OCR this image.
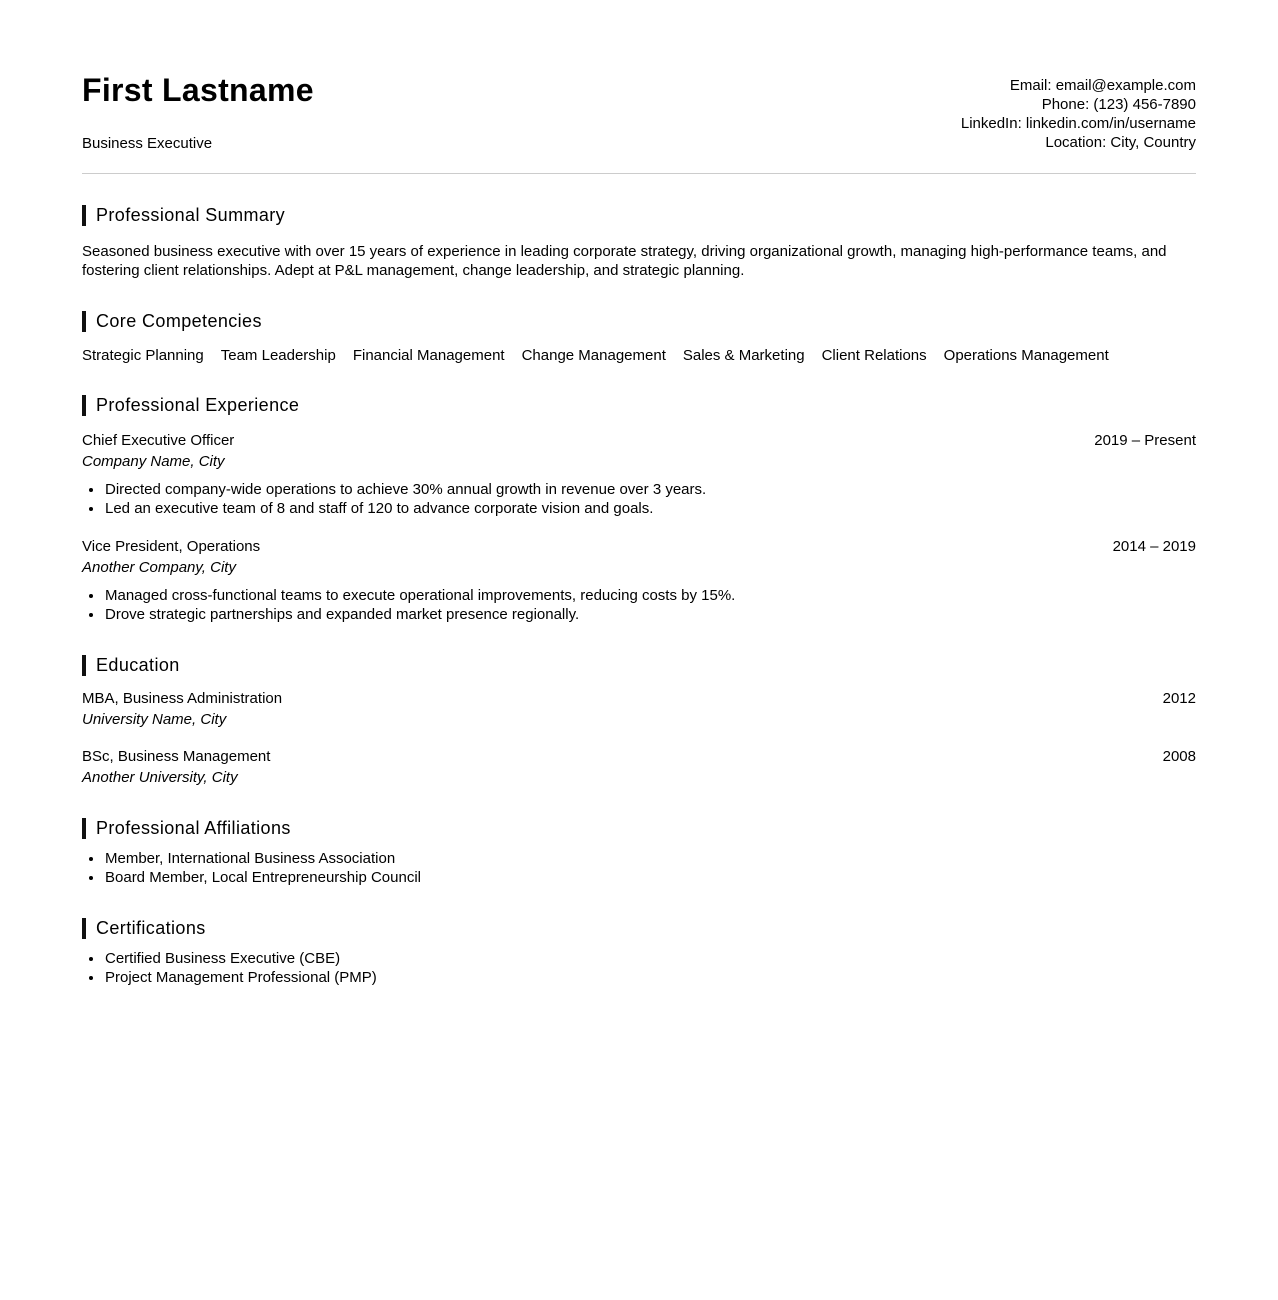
First Lastname
Business Executive
Email: email@example.com
Phone: (123) 456-7890
LinkedIn: linkedin.com/in/username
Location: City, Country
Professional Summary

Seasoned business executive with over 15 years of experience in leading corporate strategy, driving organizational growth, managing high-performance teams, and fostering client relationships. Adept at P&L management, change leadership, and strategic planning.

Core Competencies
Strategic Planning Team Leadership Financial Management Change Management Sales & Marketing Client Relations Operations Management
Professional Experience
Chief Executive Officer
Company Name, City
2019 – Present
• Directed company-wide operations to achieve 30% annual growth in revenue over 3 years.
• Led an executive team of 8 and staff of 120 to advance corporate vision and goals.
Vice President, Operations
Another Company, City
2014 – 2019
• Managed cross-functional teams to execute operational improvements, reducing costs by 15%.
• Drove strategic partnerships and expanded market presence regionally.
Education
MBA, Business Administration
University Name, City
2012
BSc, Business Management
Another University, City
2008
Professional Affiliations
• Member, International Business Association
• Board Member, Local Entrepreneurship Council
Certifications
• Certified Business Executive (CBE)
• Project Management Professional (PMP)
